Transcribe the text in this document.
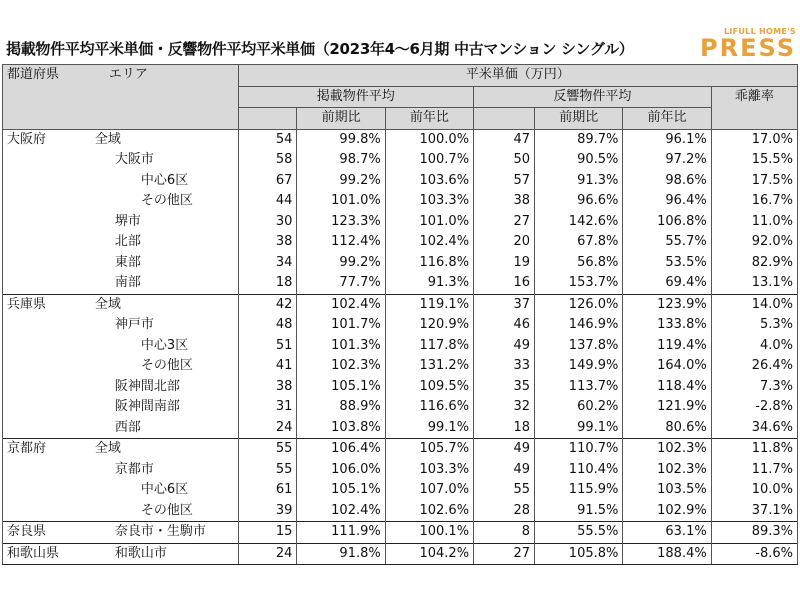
掲載物件平均平米単価・反響物件平均平米単価（2023年4～6月期 中古マンション シングル）
LIFULL HOME'S
PRESS
都道府県	エリア	平米単価（万円）						
		掲載物件平均			反響物件平均			乖離率
			前期比	前年比		前期比	前年比	
大阪府	全域	54	99.8%	100.0%	47	89.7%	96.1%	17.0%
	大阪市	58	98.7%	100.7%	50	90.5%	97.2%	15.5%
	中心6区	67	99.2%	103.6%	57	91.3%	98.6%	17.5%
	その他区	44	101.0%	103.3%	38	96.6%	96.4%	16.7%
	堺市	30	123.3%	101.0%	27	142.6%	106.8%	11.0%
	北部	38	112.4%	102.4%	20	67.8%	55.7%	92.0%
	東部	34	99.2%	116.8%	19	56.8%	53.5%	82.9%
	南部	18	77.7%	91.3%	16	153.7%	69.4%	13.1%
兵庫県	全域	42	102.4%	119.1%	37	126.0%	123.9%	14.0%
	神戸市	48	101.7%	120.9%	46	146.9%	133.8%	5.3%
	中心3区	51	101.3%	117.8%	49	137.8%	119.4%	4.0%
	その他区	41	102.3%	131.2%	33	149.9%	164.0%	26.4%
	阪神間北部	38	105.1%	109.5%	35	113.7%	118.4%	7.3%
	阪神間南部	31	88.9%	116.6%	32	60.2%	121.9%	-2.8%
	西部	24	103.8%	99.1%	18	99.1%	80.6%	34.6%
京都府	全域	55	106.4%	105.7%	49	110.7%	102.3%	11.8%
	京都市	55	106.0%	103.3%	49	110.4%	102.3%	11.7%
	中心6区	61	105.1%	107.0%	55	115.9%	103.5%	10.0%
	その他区	39	102.4%	102.6%	28	91.5%	102.9%	37.1%
奈良県	奈良市・生駒市	15	111.9%	100.1%	8	55.5%	63.1%	89.3%
和歌山県	和歌山市	24	91.8%	104.2%	27	105.8%	188.4%	-8.6%
